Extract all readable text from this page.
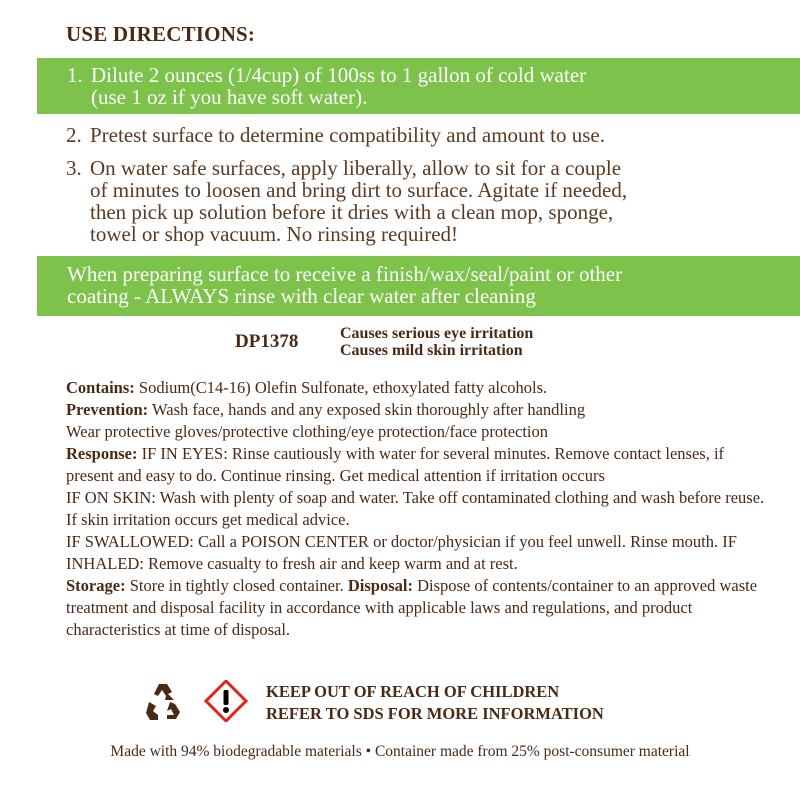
USE DIRECTIONS:
1. Dilute 2 ounces (1/4cup) of 100ss to 1 gallon of cold water
(use 1 oz if you have soft water).
2. Pretest surface to determine compatibility and amount to use.
3. On water safe surfaces, apply liberally, allow to sit for a couple
of minutes to loosen and bring dirt to surface. Agitate if needed,
then pick up solution before it dries with a clean mop, sponge,
towel or shop vacuum. No rinsing required!
When preparing surface to receive a finish/wax/seal/paint or other
coating - ALWAYS rinse with clear water after cleaning
DP1378	Causes serious eye irritation
Causes mild skin irritation
Contains: Sodium(C14-16) Olefin Sulfonate, ethoxylated fatty alcohols.
Prevention: Wash face, hands and any exposed skin thoroughly after handling
Wear protective gloves/protective clothing/eye protection/face protection
Response: IF IN EYES: Rinse cautiously with water for several minutes. Remove contact lenses, if present and easy to do. Continue rinsing. Get medical attention if irritation occurs
IF ON SKIN: Wash with plenty of soap and water. Take off contaminated clothing and wash before reuse. If skin irritation occurs get medical advice.
IF SWALLOWED: Call a POISON CENTER or doctor/physician if you feel unwell. Rinse mouth. IF INHALED: Remove casualty to fresh air and keep warm and at rest.
Storage: Store in tightly closed container. Disposal: Dispose of contents/container to an approved waste treatment and disposal facility in accordance with applicable laws and regulations, and product characteristics at time of disposal.
KEEP OUT OF REACH OF CHILDREN
REFER TO SDS FOR MORE INFORMATION
Made with 94% biodegradable materials • Container made from 25% post-consumer material
